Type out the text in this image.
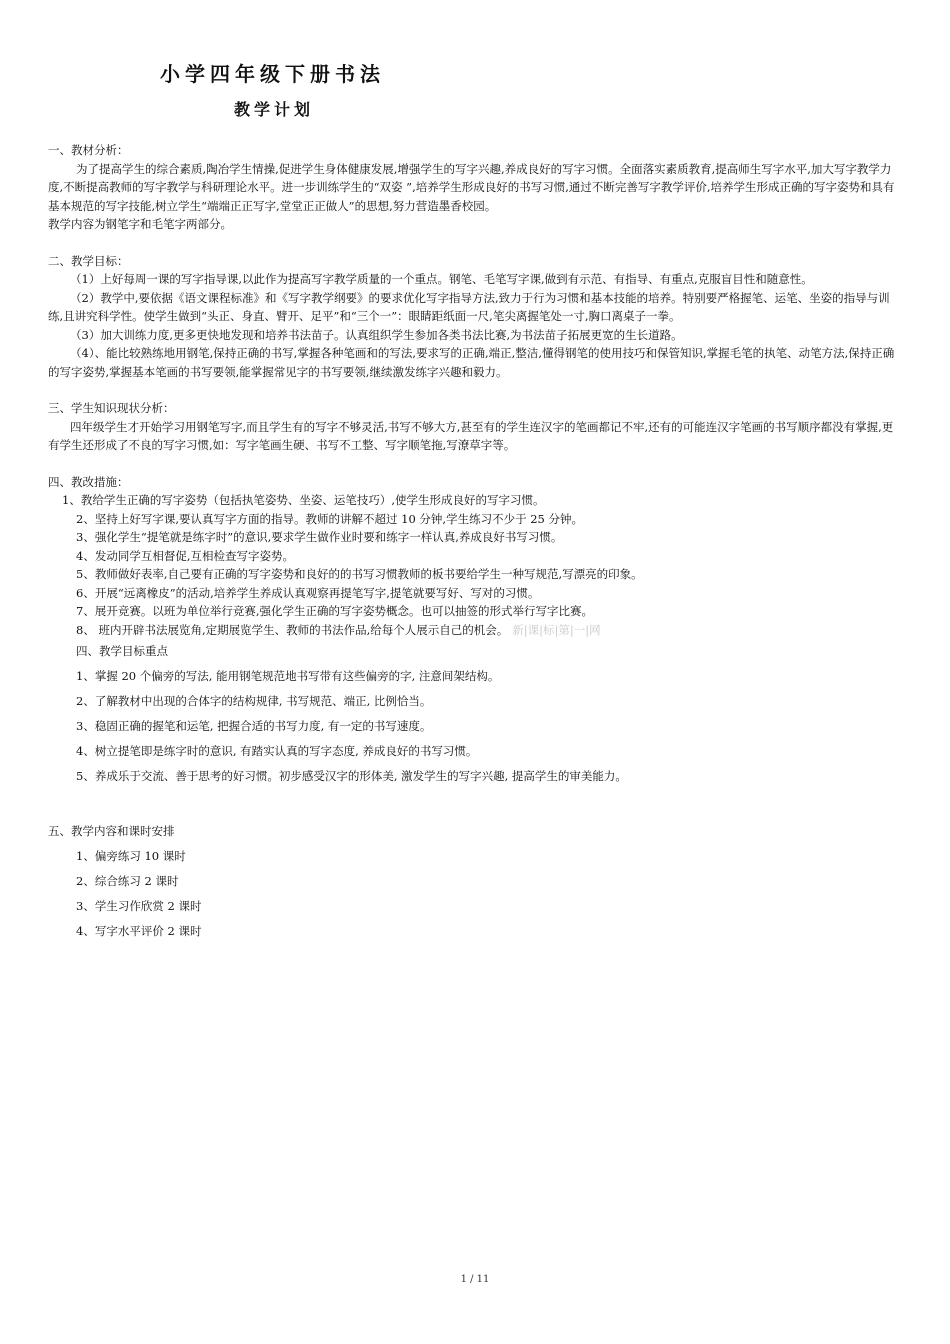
小学四年级下册书法
教学计划

一、教材分析：

为了提高学生的综合素质,陶冶学生情操,促进学生身体健康发展,增强学生的写字兴趣,养成良好的写字习惯。全面落实素质教育,提高师生写字水平,加大写字教学力度,不断提高教师的写字教学与科研理论水平。进一步训练学生的“双姿 ”,培养学生形成良好的书写习惯,通过不断完善写字教学评价,培养学生形成正确的写字姿势和具有基本规范的写字技能,树立学生“端端正正写字,堂堂正正做人”的思想,努力营造墨香校园。

教学内容为钢笔字和毛笔字两部分。

二、教学目标：

（1）上好每周一课的写字指导课,以此作为提高写字教学质量的一个重点。钢笔、毛笔写字课,做到有示范、有指导、有重点,克服盲目性和随意性。

（2）教学中,要依据《语文课程标准》和《写字教学纲要》的要求优化写字指导方法,致力于行为习惯和基本技能的培养。特别要严格握笔、运笔、坐姿的指导与训练,且讲究科学性。使学生做到“头正、身直、臂开、足平”和“三个一”：眼睛距纸面一尺,笔尖离握笔处一寸,胸口离桌子一拳。

（3）加大训练力度,更多更快地发现和培养书法苗子。认真组织学生参加各类书法比赛,为书法苗子拓展更宽的生长道路。

（4）、能比较熟练地用钢笔,保持正确的书写,掌握各种笔画和的写法,要求写的正确,端正,整洁,懂得钢笔的使用技巧和保管知识,掌握毛笔的执笔、动笔方法,保持正确的写字姿势,掌握基本笔画的书写要领,能掌握常见字的书写要领,继续激发练字兴趣和毅力。

三、学生知识现状分析：

四年级学生才开始学习用钢笔写字,而且学生有的写字不够灵活,书写不够大方,甚至有的学生连汉字的笔画都记不牢,还有的可能连汉字笔画的书写顺序都没有掌握,更有学生还形成了不良的写字习惯,如：写字笔画生硬、书写不工整、写字顺笔拖,写潦草字等。

四、教改措施：

1、教给学生正确的写字姿势（包括执笔姿势、坐姿、运笔技巧）,使学生形成良好的写字习惯。

2、坚持上好写字课,要认真写字方面的指导。教师的讲解不超过 10 分钟,学生练习不少于 25 分钟。

3、强化学生“提笔就是练字时”的意识,要求学生做作业时要和练字一样认真,养成良好书写习惯。

4、发动同学互相督促,互相检查写字姿势。

5、教师做好表率,自己要有正确的写字姿势和良好的的书写习惯教师的板书要给学生一种写规范,写漂亮的印象。

6、开展“远离橡皮”的活动,培养学生养成认真观察再提笔写字,提笔就要写好、写对的习惯。

7、展开竞赛。以班为单位举行竞赛,强化学生正确的写字姿势概念。也可以抽签的形式举行写字比赛。

8、 班内开辟书法展览角,定期展览学生、教师的书法作品,给每个人展示自己的机会。 新|课|标|第|一|网

四、教学目标重点

1、掌握 20 个偏旁的写法, 能用钢笔规范地书写带有这些偏旁的字, 注意间架结构。

2、了解教材中出现的合体字的结构规律, 书写规范、端正, 比例恰当。

3、稳固正确的握笔和运笔, 把握合适的书写力度, 有一定的书写速度。

4、树立提笔即是练字时的意识, 有踏实认真的写字态度, 养成良好的书写习惯。

5、养成乐于交流、善于思考的好习惯。初步感受汉字的形体美, 激发学生的写字兴趣, 提高学生的审美能力。

五、教学内容和课时安排

1、偏旁练习 10 课时

2、综合练习 2 课时

3、学生习作欣赏 2 课时

4、写字水平评价 2 课时

1 / 11
